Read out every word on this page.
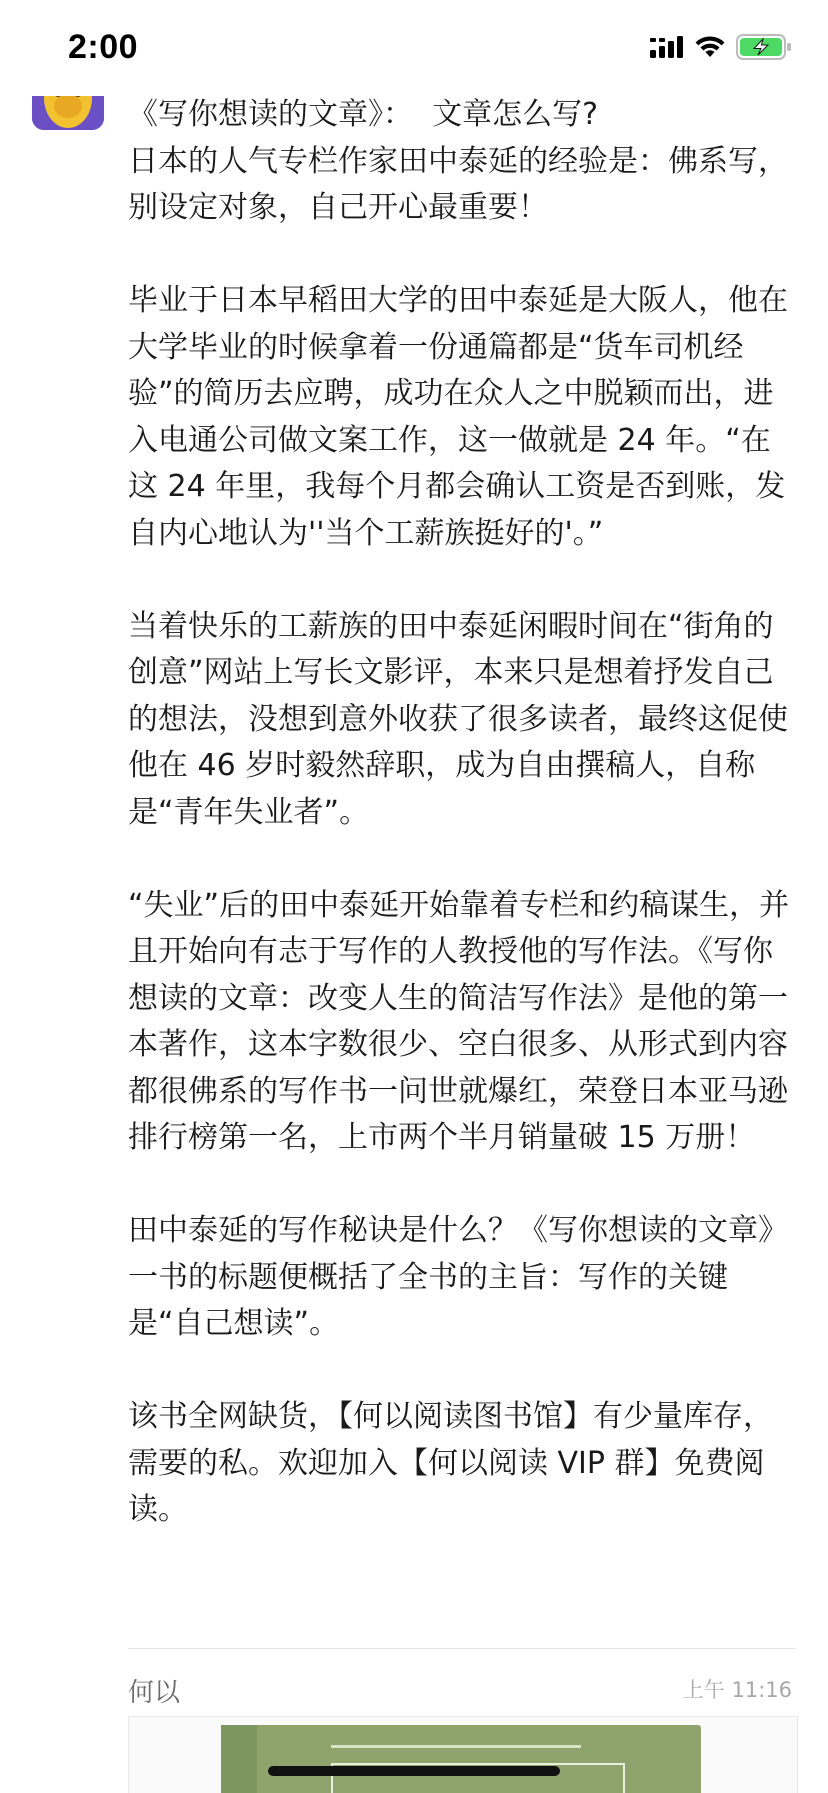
2:00

《写你想读的文章》：  文章怎么写?
日本的人气专栏作家田中泰延的经验是：佛系写，别设定对象，自己开心最重要！

毕业于日本早稻田大学的田中泰延是大阪人，他在大学毕业的时候拿着一份通篇都是“货车司机经验”的简历去应聘，成功在众人之中脱颖而出，进入电通公司做文案工作，这一做就是 24 年。“在这 24 年里，我每个月都会确认工资是否到账，发自内心地认为''当个工薪族挺好的'。”

当着快乐的工薪族的田中泰延闲暇时间在“街角的创意”网站上写长文影评，本来只是想着抒发自己的想法，没想到意外收获了很多读者，最终这促使他在 46 岁时毅然辞职，成为自由撰稿人，自称是“青年失业者”。

“失业”后的田中泰延开始靠着专栏和约稿谋生，并且开始向有志于写作的人教授他的写作法。《写你想读的文章：改变人生的简洁写作法》是他的第一本著作，这本字数很少、空白很多、从形式到内容都很佛系的写作书一问世就爆红，荣登日本亚马逊排行榜第一名，上市两个半月销量破 15 万册！

田中泰延的写作秘诀是什么？《写你想读的文章》一书的标题便概括了全书的主旨：写作的关键是“自己想读”。

该书全网缺货，【何以阅读图书馆】有少量库存，需要的私。欢迎加入【何以阅读 VIP 群】免费阅读。

何以	上午 11:16
